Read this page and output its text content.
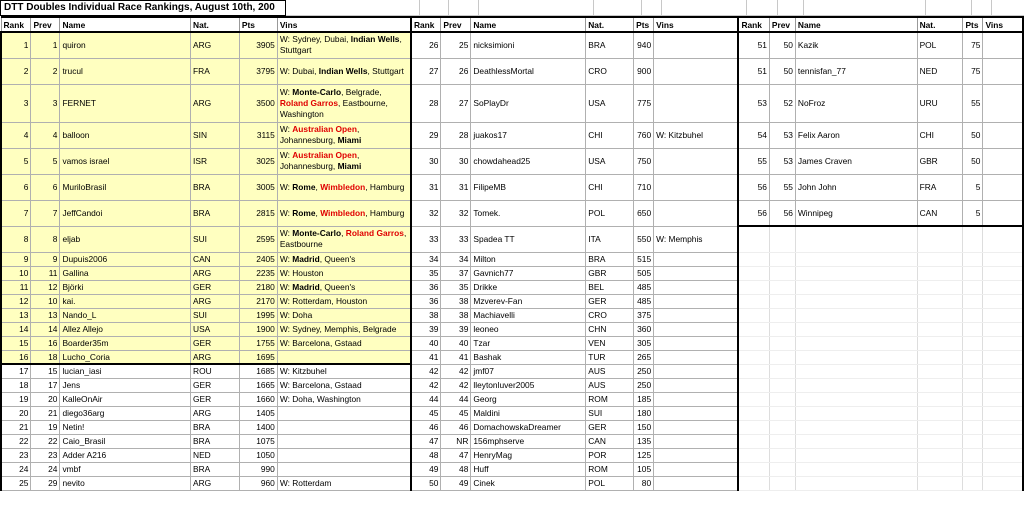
DTT Doubles Individual Race Rankings, August 10th, 200
Rank	Prev	Name	Nat.	Pts	Vins	Rank	Prev	Name	Nat.	Pts	Vins	Rank	Prev	Name	Nat.	Pts	Vins
1	1	quiron	ARG	3905	W: Sydney, Dubai, Indian Wells, Stuttgart	26	25	nicksimioni	BRA	940		51	50	Kazik	POL	75	
2	2	trucul	FRA	3795	W: Dubai, Indian Wells, Stuttgart	27	26	DeathlessMortal	CRO	900		51	50	tennisfan_77	NED	75	
3	3	FERNET	ARG	3500	W: Monte-Carlo, Belgrade, Roland Garros, Eastbourne, Washington	28	27	SoPlayDr	USA	775		53	52	NoFroz	URU	55	
4	4	balloon	SIN	3115	W: Australian Open, Johannesburg, Miami	29	28	juakos17	CHI	760	W: Kitzbuhel	54	53	Felix Aaron	CHI	50	
5	5	vamos israel	ISR	3025	W: Australian Open, Johannesburg, Miami	30	30	chowdahead25	USA	750		55	53	James Craven	GBR	50	
6	6	MuriloBrasil	BRA	3005	W: Rome, Wimbledon, Hamburg	31	31	FilipeMB	CHI	710		56	55	John John	FRA	5	
7	7	JeffCandoi	BRA	2815	W: Rome, Wimbledon, Hamburg	32	32	Tomek.	POL	650		56	56	Winnipeg	CAN	5	
8	8	eljab	SUI	2595	W: Monte-Carlo, Roland Garros, Eastbourne	33	33	Spadea TT	ITA	550	W: Memphis						
9	9	Dupuis2006	CAN	2405	W: Madrid, Queen's	34	34	Milton	BRA	515							
10	11	Gallina	ARG	2235	W: Houston	35	37	Gavnich77	GBR	505							
11	12	Björki	GER	2180	W: Madrid, Queen's	36	35	Drikke	BEL	485							
12	10	kai.	ARG	2170	W: Rotterdam, Houston	36	38	Mzverev-Fan	GER	485							
13	13	Nando_L	SUI	1995	W: Doha	38	38	Machiavelli	CRO	375							
14	14	Allez Allejo	USA	1900	W: Sydney, Memphis, Belgrade	39	39	leoneo	CHN	360							
15	16	Boarder35m	GER	1755	W: Barcelona, Gstaad	40	40	Tzar	VEN	305							
16	18	Lucho_Coria	ARG	1695		41	41	Bashak	TUR	265							
17	15	lucian_iasi	ROU	1685	W: Kitzbuhel	42	42	jmf07	AUS	250							
18	17	Jens	GER	1665	W: Barcelona, Gstaad	42	42	lleytonluver2005	AUS	250							
19	20	KalleOnAir	GER	1660	W: Doha, Washington	44	44	Georg	ROM	185							
20	21	diego36arg	ARG	1405		45	45	Maldini	SUI	180							
21	19	Netin!	BRA	1400		46	46	DomachowskaDreamer	GER	150							
22	22	Caio_Brasil	BRA	1075		47	NR	156mphserve	CAN	135							
23	23	Adder A216	NED	1050		48	47	HenryMag	POR	125							
24	24	vmbf	BRA	990		49	48	Huff	ROM	105							
25	29	nevito	ARG	960	W: Rotterdam	50	49	Cinek	POL	80							
